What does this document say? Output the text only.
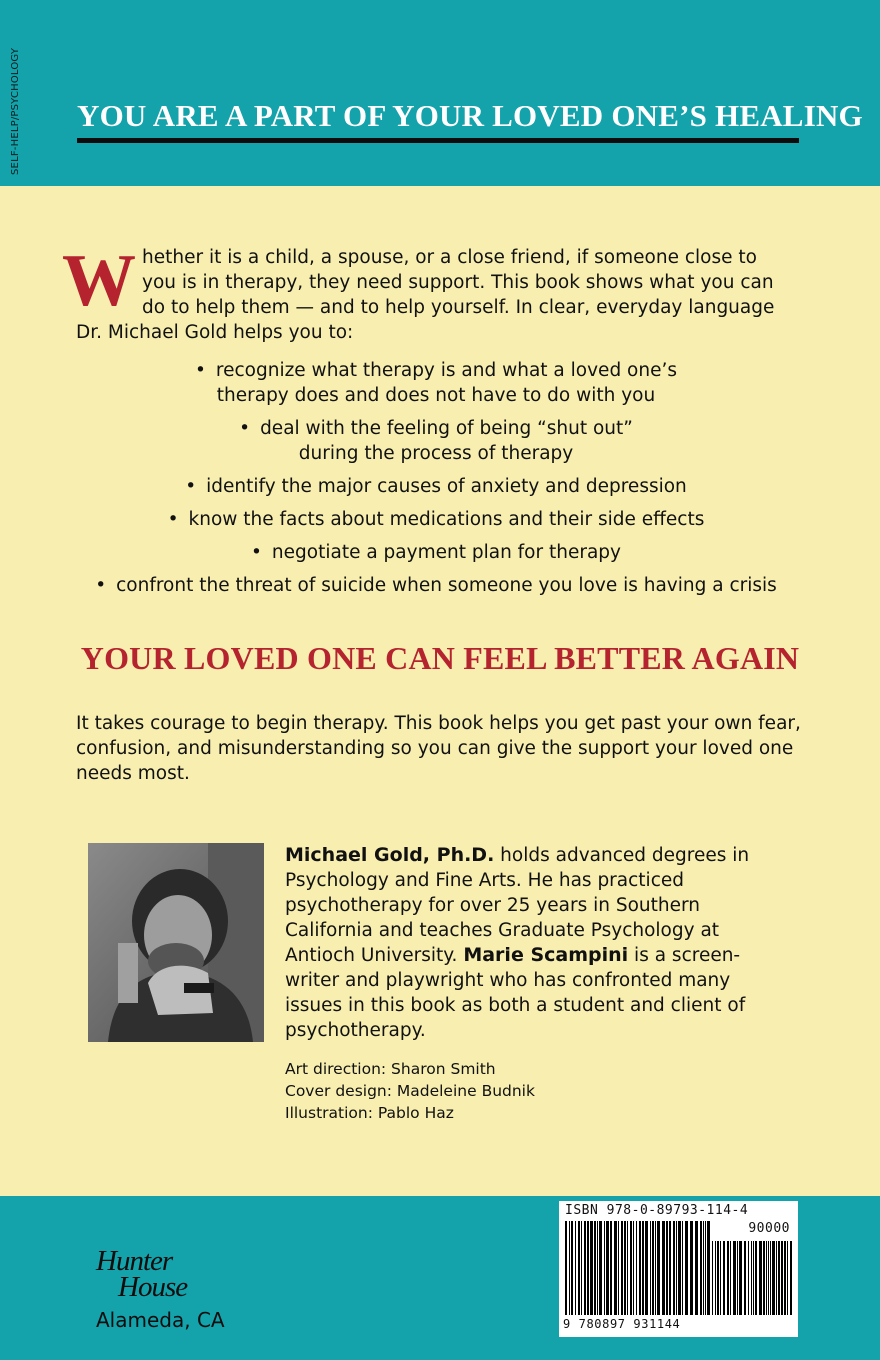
SELF-HELP/PSYCHOLOGY YOU ARE A PART OF YOUR LOVED ONE’S HEALING
W hether it is a child, a spouse, or a close friend, if someone close to you is in therapy, they need support. This book shows what you can do to help them — and to help yourself. In clear, everyday language Dr. Michael Gold helps you to:
• recognize what therapy is and what a loved one’s
therapy does and does not have to do with you
• deal with the feeling of being “shut out”
during the process of therapy
• identify the major causes of anxiety and depression
• know the facts about medications and their side effects
• negotiate a payment plan for therapy
• confront the threat of suicide when someone you love is having a crisis
YOUR LOVED ONE CAN FEEL BETTER AGAIN
It takes courage to begin therapy. This book helps you get past your own fear, confusion, and misunderstanding so you can give the support your loved one needs most.
Michael Gold, Ph.D. holds advanced degrees in Psychology and Fine Arts. He has practiced psychotherapy for over 25 years in Southern California and teaches Graduate Psychology at Antioch University. Marie Scampini is a screen-writer and playwright who has confronted many issues in this book as both a student and client of psychotherapy.
Art direction: Sharon Smith
Cover design: Madeleine Budnik
Illustration: Pablo Haz
Hunter
House
Alameda, CA
ISBN 978-0-89793-114-4
90000
9 780897 931144
